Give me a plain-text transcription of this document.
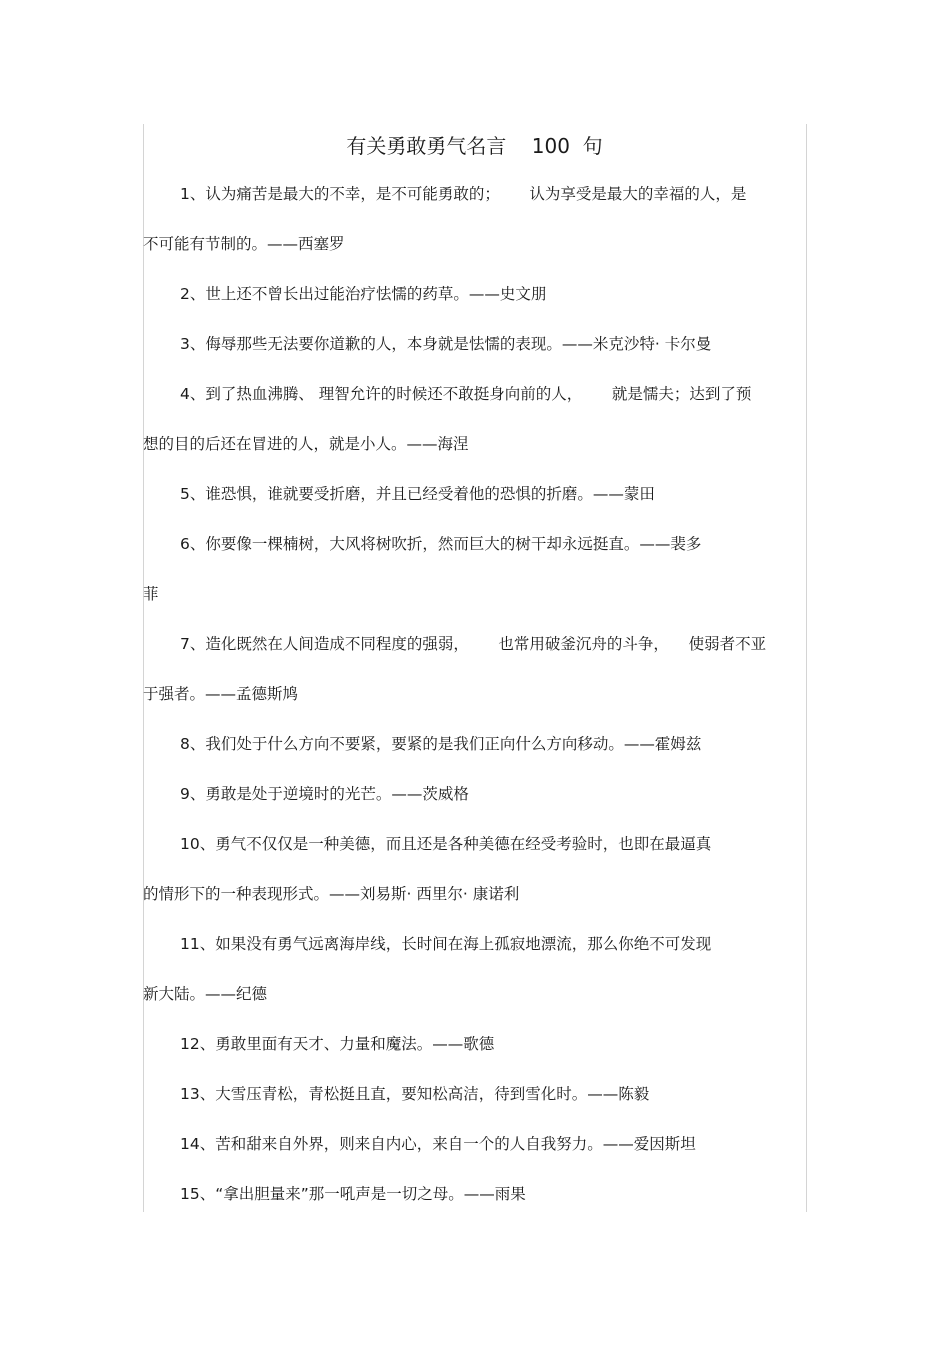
有关勇敢勇气名言    100  句
1、认为痛苦是最大的不幸，是不可能勇敢的；      认为享受是最大的幸福的人，是
不可能有节制的。——西塞罗
2、世上还不曾长出过能治疗怯懦的药草。——史文朋
3、侮辱那些无法要你道歉的人，本身就是怯懦的表现。——米克沙特· 卡尔曼
4、到了热血沸腾、 理智允许的时候还不敢挺身向前的人，      就是懦夫；达到了预
想的目的后还在冒进的人，就是小人。——海涅
5、谁恐惧，谁就要受折磨，并且已经受着他的恐惧的折磨。——蒙田
6、你要像一棵楠树，大风将树吹折，然而巨大的树干却永远挺直。——裴多
菲
7、造化既然在人间造成不同程度的强弱，      也常用破釜沉舟的斗争，    使弱者不亚
于强者。——孟德斯鸠
8、我们处于什么方向不要紧，要紧的是我们正向什么方向移动。——霍姆兹
9、勇敢是处于逆境时的光芒。——茨威格
10、勇气不仅仅是一种美德，而且还是各种美德在经受考验时，也即在最逼真
的情形下的一种表现形式。——刘易斯· 西里尔· 康诺利
11、如果没有勇气远离海岸线，长时间在海上孤寂地漂流，那么你绝不可发现
新大陆。——纪德
12、勇敢里面有天才、力量和魔法。——歌德
13、大雪压青松，青松挺且直，要知松高洁，待到雪化时。——陈毅
14、苦和甜来自外界，则来自内心，来自一个的人自我努力。——爱因斯坦
15、“拿出胆量来”那一吼声是一切之母。——雨果
